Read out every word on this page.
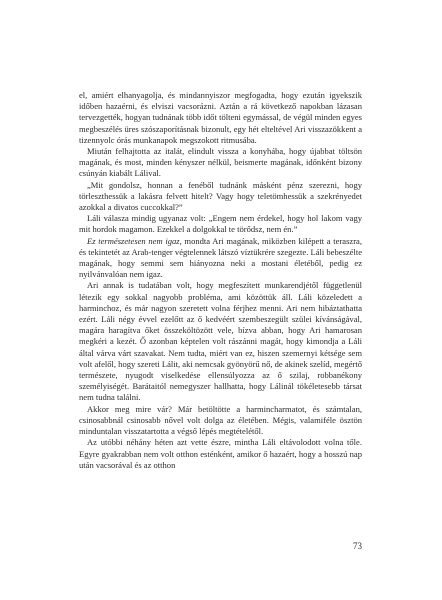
el, amiért elhanyagolja, és mindannyiszor megfogadta, hogy ezután igyekszik időben hazaérni, és elviszi vacsorázni. Aztán a rá következő napokban lázasan tervezgették, hogyan tudnának több időt tölteni egymással, de végül minden egyes megbeszélés üres szószaporításnak bizonult, egy hét elteltével Ari visszazökkent a tizennyolc órás munkanapok megszokott ritmusába.

Miután felhajtotta az italát, elindult vissza a konyhába, hogy újabbat töltsön magának, és most, minden kényszer nélkül, beismerte magának, időnként bizony csúnyán kiabált Lálival.

„Mit gondolsz, honnan a fenéből tudnánk másként pénz szerezni, hogy törleszthessük a lakásra felvett hitelt? Vagy hogy teletömhessük a szekrényedet azokkal a divatos cuccokkal?”

Láli válasza mindig ugyanaz volt: „Engem nem érdekel, hogy hol lakom vagy mit hordok magamon. Ezekkel a dolgokkal te törődsz, nem én.”

Ez természetesen nem igaz, mondta Ari magának, miközben kilépett a teraszra, és tekintetét az Arab-tenger végtelennek látszó víztükrére szegezte. Láli bebeszélte magának, hogy semmi sem hiányozna neki a mostani életéből, pedig ez nyilvánvalóan nem igaz.

Ari annak is tudatában volt, hogy megfeszített munkarendjétől függetlenül létezik egy sokkal nagyobb probléma, ami közöttük áll. Láli közeledett a harminchoz, és már nagyon szeretett volna férjhez menni. Ari nem hibáztathatta ezért. Láli négy évvel ezelőtt az ő kedvéért szembeszegült szülei kívánságával, magára haragítva őket összeköltözött vele, bízva abban, hogy Ari hamarosan megkéri a kezét. Ő azonban képtelen volt rászánni magát, hogy kimondja a Láli által várva várt szavakat. Nem tudta, miért van ez, hiszen szemernyi kétsége sem volt afelől, hogy szereti Lálit, aki nemcsak gyönyörű nő, de akinek szelíd, megértő természete, nyugodt viselkedése ellensúlyozza az ő szilaj, robbanékony személyiségét. Barátaitól nemegyszer hallhatta, hogy Lálinál tökéletesebb társat nem tudna találni.

Akkor meg mire vár? Már betöltötte a harmincharmatot, és számtalan, csinosabbnál csinosabb nővel volt dolga az életében. Mégis, valamiféle ösztön minduntalan visszatartotta a végső lépés megtételétől.

Az utóbbi néhány héten azt vette észre, mintha Láli eltávolodott volna tőle. Egyre gyakrabban nem volt otthon esténként, amikor ő hazaért, hogy a hosszú nap után vacsorával és az otthon

73
